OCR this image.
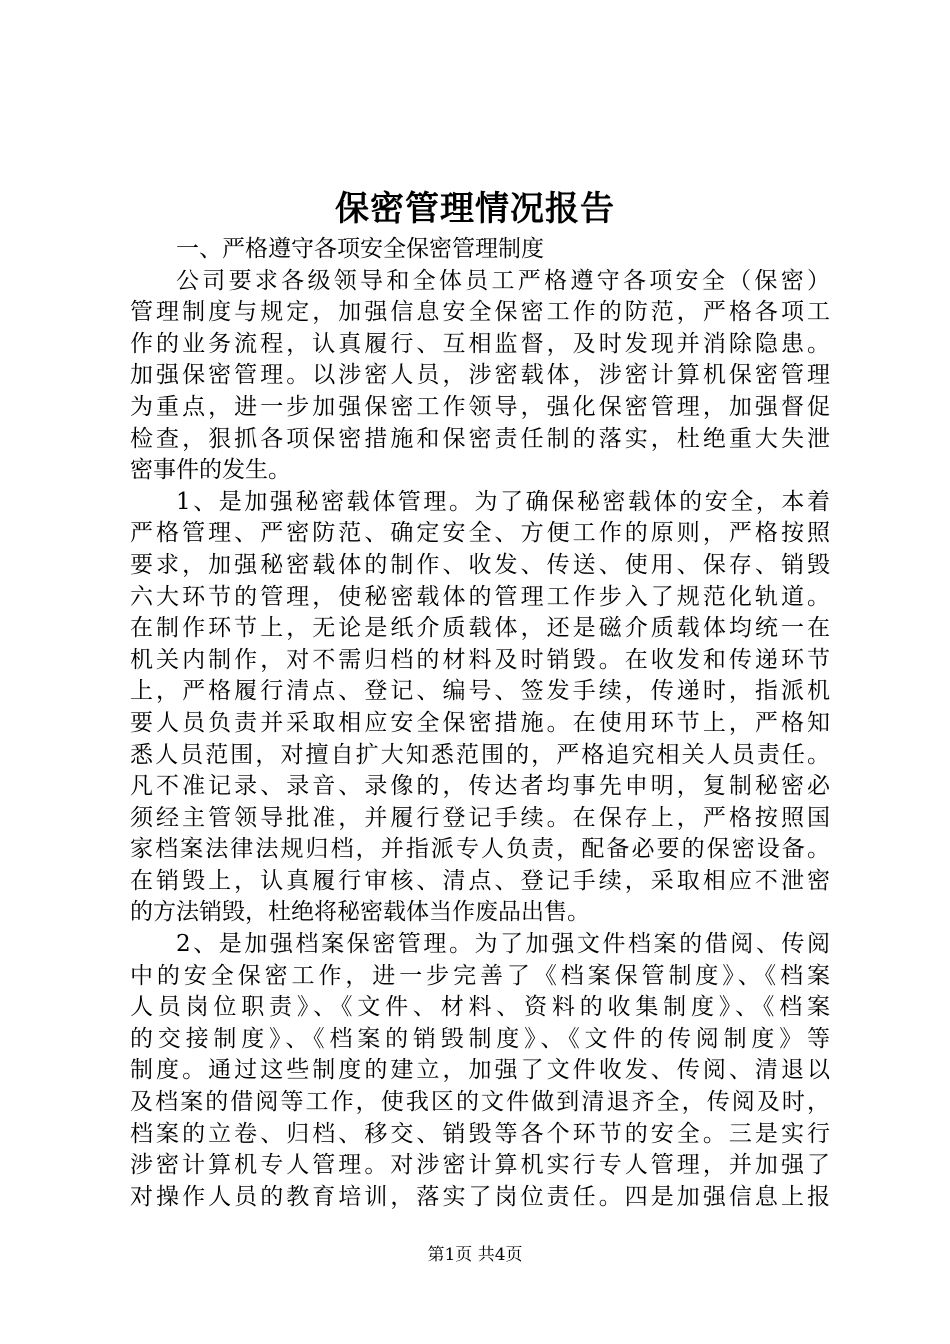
保密管理情况报告
一、严格遵守各项安全保密管理制度
公司要求各级领导和全体员工严格遵守各项安全（保密）
管理制度与规定，加强信息安全保密工作的防范，严格各项工
作的业务流程，认真履行、互相监督，及时发现并消除隐患。
加强保密管理。以涉密人员，涉密载体，涉密计算机保密管理
为重点，进一步加强保密工作领导，强化保密管理，加强督促
检查，狠抓各项保密措施和保密责任制的落实，杜绝重大失泄
密事件的发生。
1、是加强秘密载体管理。为了确保秘密载体的安全，本着
严格管理、严密防范、确定安全、方便工作的原则，严格按照
要求，加强秘密载体的制作、收发、传送、使用、保存、销毁
六大环节的管理，使秘密载体的管理工作步入了规范化轨道。
在制作环节上，无论是纸介质载体，还是磁介质载体均统一在
机关内制作，对不需归档的材料及时销毁。在收发和传递环节
上，严格履行清点、登记、编号、签发手续，传递时，指派机
要人员负责并采取相应安全保密措施。在使用环节上，严格知
悉人员范围，对擅自扩大知悉范围的，严格追究相关人员责任。
凡不准记录、录音、录像的，传达者均事先申明，复制秘密必
须经主管领导批准，并履行登记手续。在保存上，严格按照国
家档案法律法规归档，并指派专人负责，配备必要的保密设备。
在销毁上，认真履行审核、清点、登记手续，采取相应不泄密
的方法销毁，杜绝将秘密载体当作废品出售。
2、是加强档案保密管理。为了加强文件档案的借阅、传阅
中的安全保密工作，进一步完善了《档案保管制度》、《档案
人员岗位职责》、《文件、材料、资料的收集制度》、《档案
的交接制度》、《档案的销毁制度》、《文件的传阅制度》等
制度。通过这些制度的建立，加强了文件收发、传阅、清退以
及档案的借阅等工作，使我区的文件做到清退齐全，传阅及时，
档案的立卷、归档、移交、销毁等各个环节的安全。三是实行
涉密计算机专人管理。对涉密计算机实行专人管理，并加强了
对操作人员的教育培训，落实了岗位责任。四是加强信息上报
第1页 共4页
